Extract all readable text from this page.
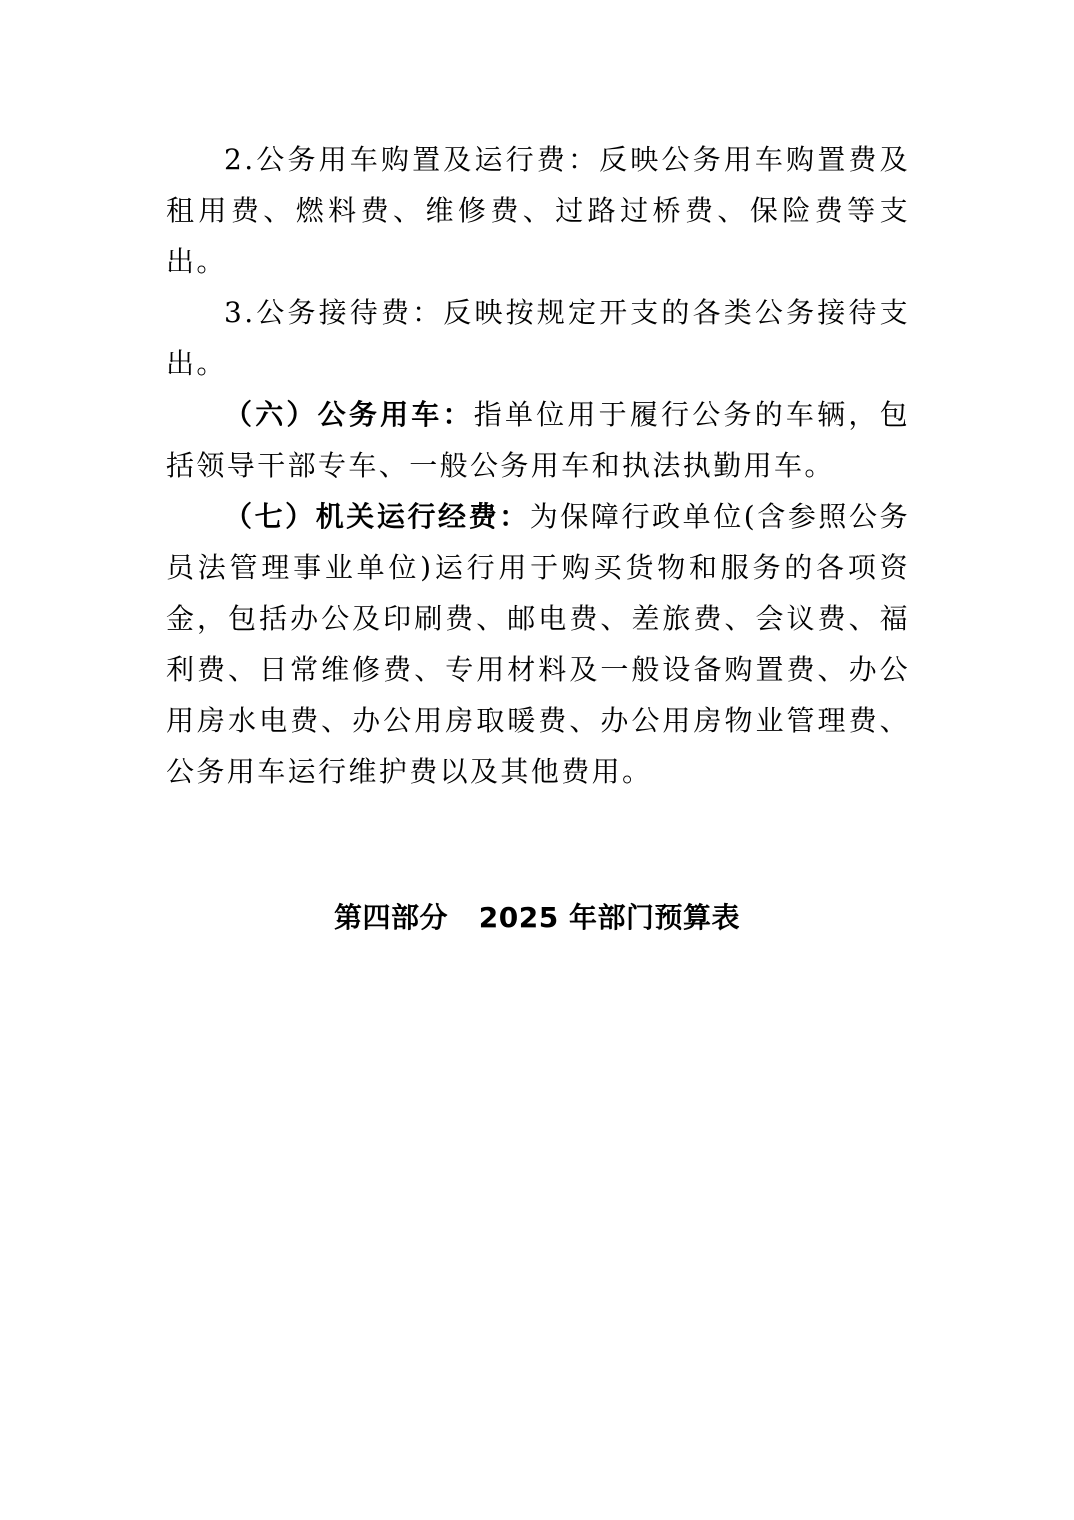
2.公务用车购置及运行费：反映公务用车购置费及租用费、燃料费、维修费、过路过桥费、保险费等支出。

3.公务接待费：反映按规定开支的各类公务接待支出。

（六）公务用车：指单位用于履行公务的车辆，包括领导干部专车、一般公务用车和执法执勤用车。

（七）机关运行经费：为保障行政单位(含参照公务员法管理事业单位)运行用于购买货物和服务的各项资金，包括办公及印刷费、邮电费、差旅费、会议费、福利费、日常维修费、专用材料及一般设备购置费、办公用房水电费、办公用房取暖费、办公用房物业管理费、公务用车运行维护费以及其他费用。

第四部分   2025 年部门预算表
